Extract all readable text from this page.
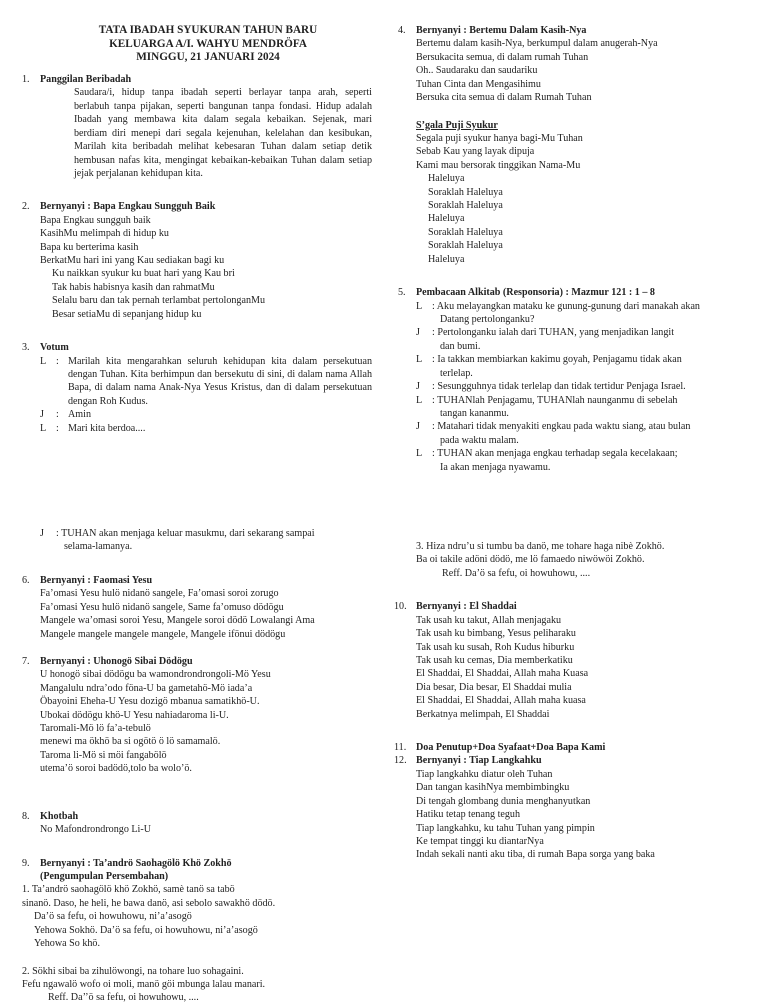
TATA IBADAH SYUKURAN TAHUN BARU
KELUARGA A/I. WAHYU MENDRÖFA
MINGGU, 21 JANUARI 2024
1. Panggilan Beribadah
Saudara/i, hidup tanpa ibadah seperti berlayar tanpa arah, seperti berlabuh tanpa pijakan, seperti bangunan tanpa fondasi. Hidup adalah Ibadah yang membawa kita dalam segala kebaikan. Sejenak, mari berdiam diri menepi dari segala kejenuhan, kelelahan dan kesibukan, Marilah kita beribadah melihat kebesaran Tuhan dalam setiap detik hembusan nafas kita, mengingat kebaikan-kebaikan Tuhan dalam setiap jejak perjalanan kehidupan kita.
2. Bernyanyi : Bapa Engkau Sungguh Baik
Bapa Engkau sungguh baik
KasihMu melimpah di hidup ku
Bapa ku berterima kasih
BerkatMu hari ini yang Kau sediakan bagi ku
Ku naikkan syukur ku buat hari yang Kau bri
Tak habis habisnya kasih dan rahmatMu
Selalu baru dan tak pernah terlambat pertolonganMu
Besar setiaMu di sepanjang hidup ku
3. Votum
L : Marilah kita mengarahkan seluruh kehidupan kita dalam persekutuan dengan Tuhan. Kita berhimpun dan bersekutu di sini, di dalam nama Allah Bapa, di dalam nama Anak-Nya Yesus Kristus, dan di dalam persekutuan dengan Roh Kudus.
J	: Amin
L : Mari kita berdoa....
4. Bernyanyi : Bertemu Dalam Kasih-Nya
Bertemu dalam kasih-Nya, berkumpul dalam anugerah-Nya
Bersukacita semua, di dalam rumah Tuhan
Oh.. Saudaraku dan saudariku
Tuhan Cinta dan Mengasihimu
Bersuka cita semua di dalam Rumah Tuhan
S’gala Puji Syukur
Segala puji syukur hanya bagi-Mu Tuhan
Sebab Kau yang layak dipuja
Kami mau bersorak tinggikan Nama-Mu
Haleluya
Soraklah Haleluya
Soraklah Haleluya
Haleluya
Soraklah Haleluya
Soraklah Haleluya
Haleluya
5. Pembacaan Alkitab (Responsoria) : Mazmur 121 : 1 – 8
L : Aku melayangkan mataku ke gunung-gunung dari manakah akan
Datang pertolonganku?
J	: Pertolonganku ialah dari TUHAN, yang menjadikan langit
dan bumi.
L : Ia takkan membiarkan kakimu goyah, Penjagamu tidak akan
terlelap.
J	: Sesungguhnya tidak terlelap dan tidak tertidur Penjaga Israel.
L : TUHANlah Penjagamu, TUHANlah naunganmu di sebelah
tangan kananmu.
J	: Matahari tidak menyakiti engkau pada waktu siang, atau bulan
pada waktu malam.
L : TUHAN akan menjaga engkau terhadap segala kecelakaan;
Ia akan menjaga nyawamu.
J	: TUHAN akan menjaga keluar masukmu, dari sekarang sampai
selama-lamanya.
6. Bernyanyi : Faomasi Yesu
Fa’omasi Yesu hulö nidanö sangele, Fa’omasi soroi zorugo
Fa’omasi Yesu hulö nidanö sangele, Same fa’omuso dödögu
Mangele wa’omasi soroi Yesu, Mangele soroi dödö Lowalangi Ama
Mangele mangele mangele mangele, Mangele ifönui dödögu
7. Bernyanyi : Uhonogö Sibai Dödögu
U honogö sibai dödögu ba wamondrondrongoli-Mö Yesu
Mangalulu ndra’odo föna-U ba gametahö-Mö iada’a
Öbayoini Eheha-U Yesu dozigö mbanua samatikhö-U.
Ubokai dödögu khö-U Yesu nahiadaroma li-U.
Taromali-Mö lö fa’a-tebulö
menewi ma ökhö ba si ogötö ö lö samamalö.
Taroma li-Mö si möi fangabölö
utema’ö soroi badödö,tolo ba wolo’ö.
8. Khotbah
No Mafondrondrongo Li-U
9. Bernyanyi : Ta’andrö Saohagölö Khö Zokhö
(Pengumpulan Persembahan)
1. Ta’andrö saohagölö khö Zokhö, samè tanö sa tabö
sinanö. Daso, he heli, he bawa danö, asi sebolo sawakhö dödö.
Da’ö sa fefu, oi howuhowu, ni’a’asogö
Yehowa Sokhö. Da’ö sa fefu, oi howuhowu, ni’a’asogö
Yehowa So khö.
2. Sökhi sibai ba zihulöwongi, na tohare luo sohagaini.
Fefu ngawalö wofo oi moli, manö göi mbunga lalau manari.
Reff. Da’’ö sa fefu, oi howuhowu, ....
3. Hiza ndru’u si tumbu ba danö, me tohare haga nibè Zokhö.
Ba oi takile adöni dödö, me lö famaedo niwöwöi Zokhö.
Reff. Da’ö sa fefu, oi howuhowu, ....
10. Bernyanyi : El Shaddai
Tak usah ku takut, Allah menjagaku
Tak usah ku bimbang, Yesus peliharaku
Tak usah ku susah, Roh Kudus hiburku
Tak usah ku cemas, Dia memberkatiku
El Shaddai, El Shaddai, Allah maha Kuasa
Dia besar, Dia besar, El Shaddai mulia
El Shaddai, El Shaddai, Allah maha kuasa
Berkatnya melimpah, El Shaddai
11. Doa Penutup+Doa Syafaat+Doa Bapa Kami
12. Bernyanyi : Tiap Langkahku
Tiap langkahku diatur oleh Tuhan
Dan tangan kasihNya membimbingku
Di tengah glombang dunia menghanyutkan
Hatiku tetap tenang teguh
Tiap langkahku, ku tahu Tuhan yang pimpin
Ke tempat tinggi ku diantarNya
Indah sekali nanti aku tiba, di rumah Bapa sorga yang baka
